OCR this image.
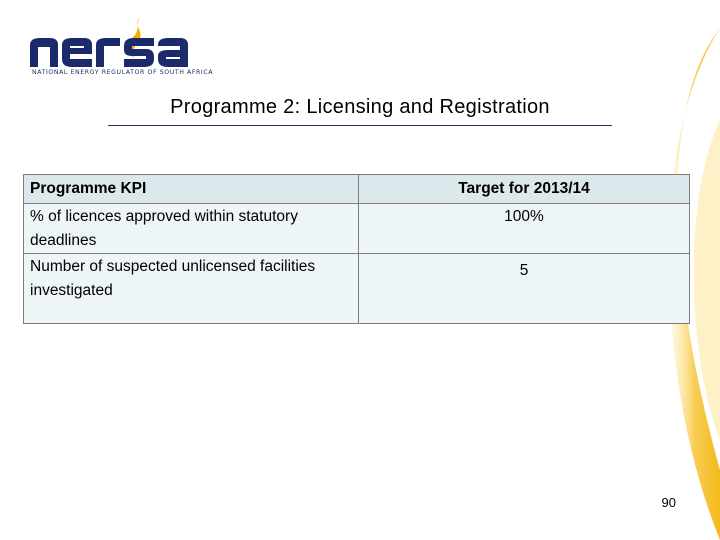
NATIONAL ENERGY REGULATOR OF SOUTH AFRICA
Programme 2: Licensing and Registration
Programme KPI	Target for 2013/14
% of licences approved within statutory deadlines	100%
Number of suspected unlicensed facilities investigated	5
90
